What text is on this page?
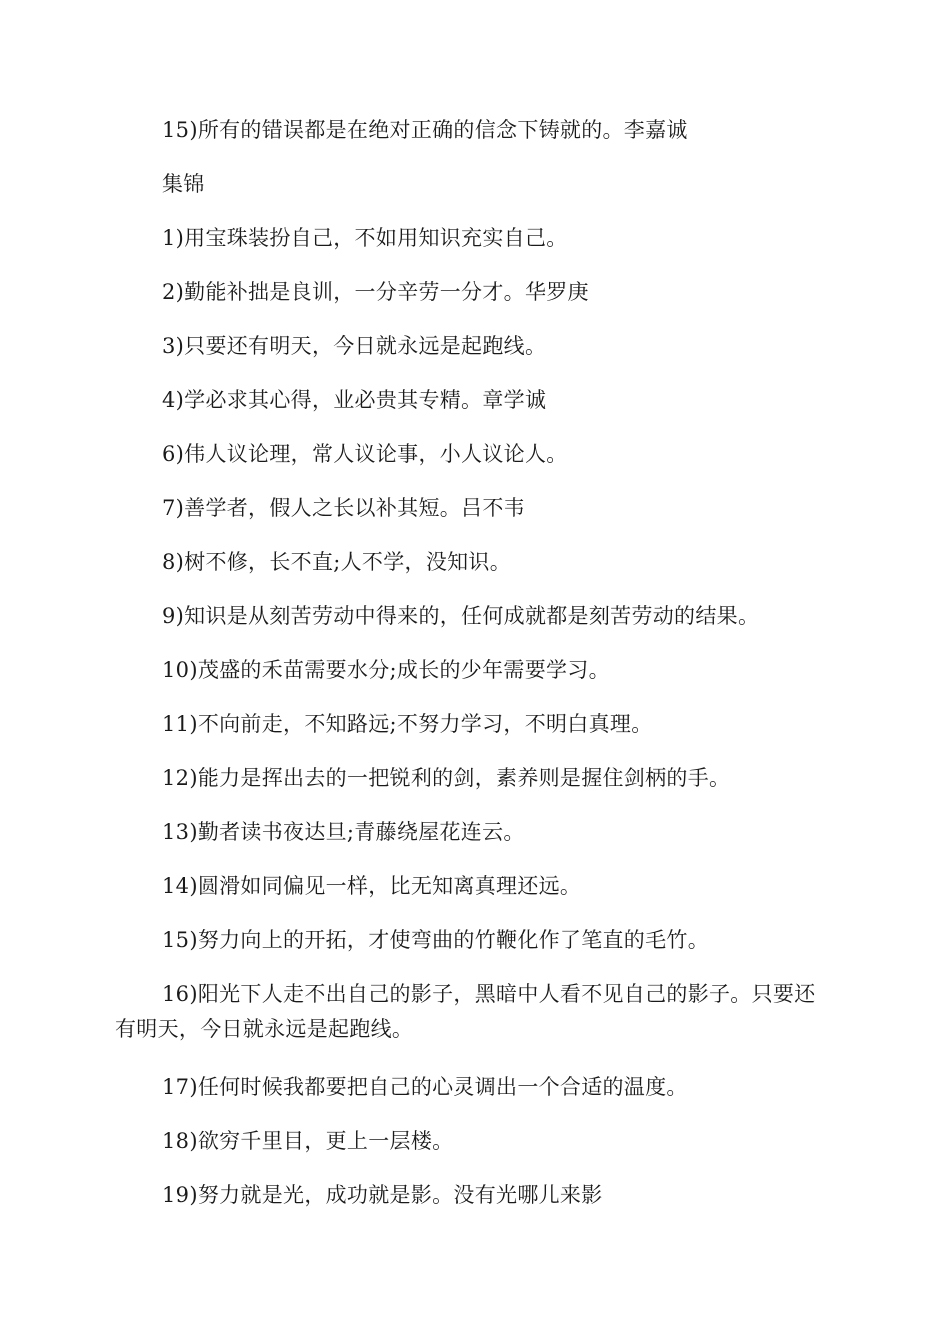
15)所有的错误都是在绝对正确的信念下铸就的。李嘉诚
集锦
1)用宝珠装扮自己，不如用知识充实自己。
2)勤能补拙是良训，一分辛劳一分才。华罗庚
3)只要还有明天，今日就永远是起跑线。
4)学必求其心得，业必贵其专精。章学诚
6)伟人议论理，常人议论事，小人议论人。
7)善学者，假人之长以补其短。吕不韦
8)树不修，长不直;人不学，没知识。
9)知识是从刻苦劳动中得来的，任何成就都是刻苦劳动的结果。
10)茂盛的禾苗需要水分;成长的少年需要学习。
11)不向前走，不知路远;不努力学习，不明白真理。
12)能力是挥出去的一把锐利的剑，素养则是握住剑柄的手。
13)勤者读书夜达旦;青藤绕屋花连云。
14)圆滑如同偏见一样，比无知离真理还远。
15)努力向上的开拓，才使弯曲的竹鞭化作了笔直的毛竹。
16)阳光下人走不出自己的影子，黑暗中人看不见自己的影子。只要还有明天，今日就永远是起跑线。
17)任何时候我都要把自己的心灵调出一个合适的温度。
18)欲穷千里目，更上一层楼。
19)努力就是光，成功就是影。没有光哪儿来影
